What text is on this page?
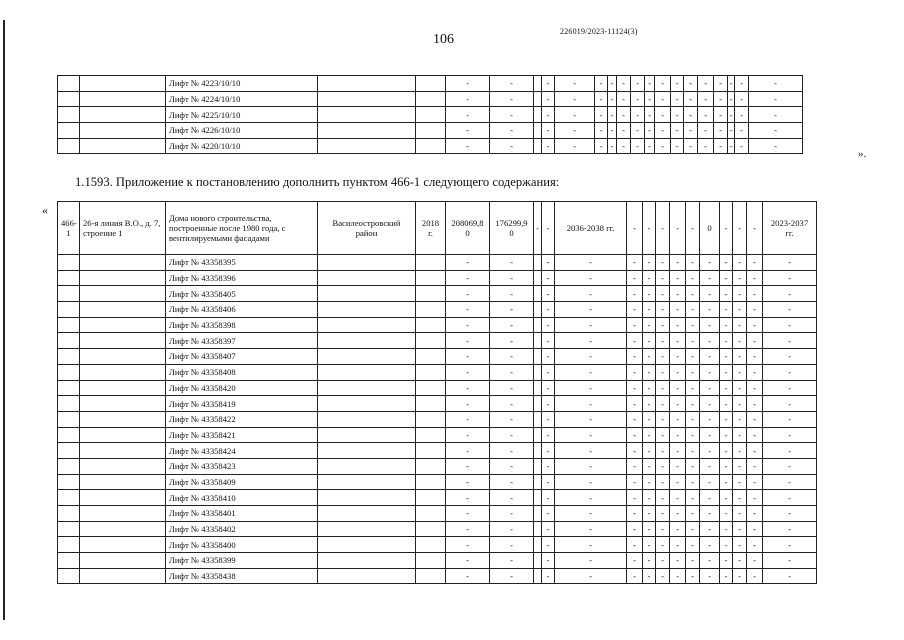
226019/2023-11124(3)
106
		Лифт № 4223/10/10			-	-		-	-	-	-	-	-	-	-	-	-	-	-	-	-	-
		Лифт № 4224/10/10			-	-		-	-	-	-	-	-	-	-	-	-	-	-	-	-	-
		Лифт № 4225/10/10			-	-		-	-	-	-	-	-	-	-	-	-	-	-	-	-	-
		Лифт № 4226/10/10			-	-		-	-	-	-	-	-	-	-	-	-	-	-	-	-	-
		Лифт № 4220/10/10			-	-		-	-	-	-	-	-	-	-	-	-	-	-	-	-	-
».
1.1593. Приложение к постановлению дополнить пунктом 466-1 следующего содержания:
«
466-1	26-я линия В.О., д. 7, строение 1	Дома нового строительства, построенные после 1980 года, с вентилируемыми фасадами	Василеостровский район	2018 г.	208069,8 0	176299,9 0	-	-	2036-2038 гг.	-	-	-	-	-	0	-	-	-	2023-2037 гг.
		Лифт № 43358395			-	-		-	-	-	-	-	-	-	-	-	-	-	-
		Лифт № 43358396			-	-		-	-	-	-	-	-	-	-	-	-	-	-
		Лифт № 43358405			-	-		-	-	-	-	-	-	-	-	-	-	-	-
		Лифт № 43358406			-	-		-	-	-	-	-	-	-	-	-	-	-	-
		Лифт № 43358398			-	-		-	-	-	-	-	-	-	-	-	-	-	-
		Лифт № 43358397			-	-		-	-	-	-	-	-	-	-	-	-	-	-
		Лифт № 43358407			-	-		-	-	-	-	-	-	-	-	-	-	-	-
		Лифт № 43358408			-	-		-	-	-	-	-	-	-	-	-	-	-	-
		Лифт № 43358420			-	-		-	-	-	-	-	-	-	-	-	-	-	-
		Лифт № 43358419			-	-		-	-	-	-	-	-	-	-	-	-	-	-
		Лифт № 43358422			-	-		-	-	-	-	-	-	-	-	-	-	-	-
		Лифт № 43358421			-	-		-	-	-	-	-	-	-	-	-	-	-	-
		Лифт № 43358424			-	-		-	-	-	-	-	-	-	-	-	-	-	-
		Лифт № 43358423			-	-		-	-	-	-	-	-	-	-	-	-	-	-
		Лифт № 43358409			-	-		-	-	-	-	-	-	-	-	-	-	-	-
		Лифт № 43358410			-	-		-	-	-	-	-	-	-	-	-	-	-	-
		Лифт № 43358401			-	-		-	-	-	-	-	-	-	-	-	-	-	-
		Лифт № 43358402			-	-		-	-	-	-	-	-	-	-	-	-	-	-
		Лифт № 43358400			-	-		-	-	-	-	-	-	-	-	-	-	-	-
		Лифт № 43358399			-	-		-	-	-	-	-	-	-	-	-	-	-	-
		Лифт № 43358438			-	-		-	-	-	-	-	-	-	-	-	-	-	-
